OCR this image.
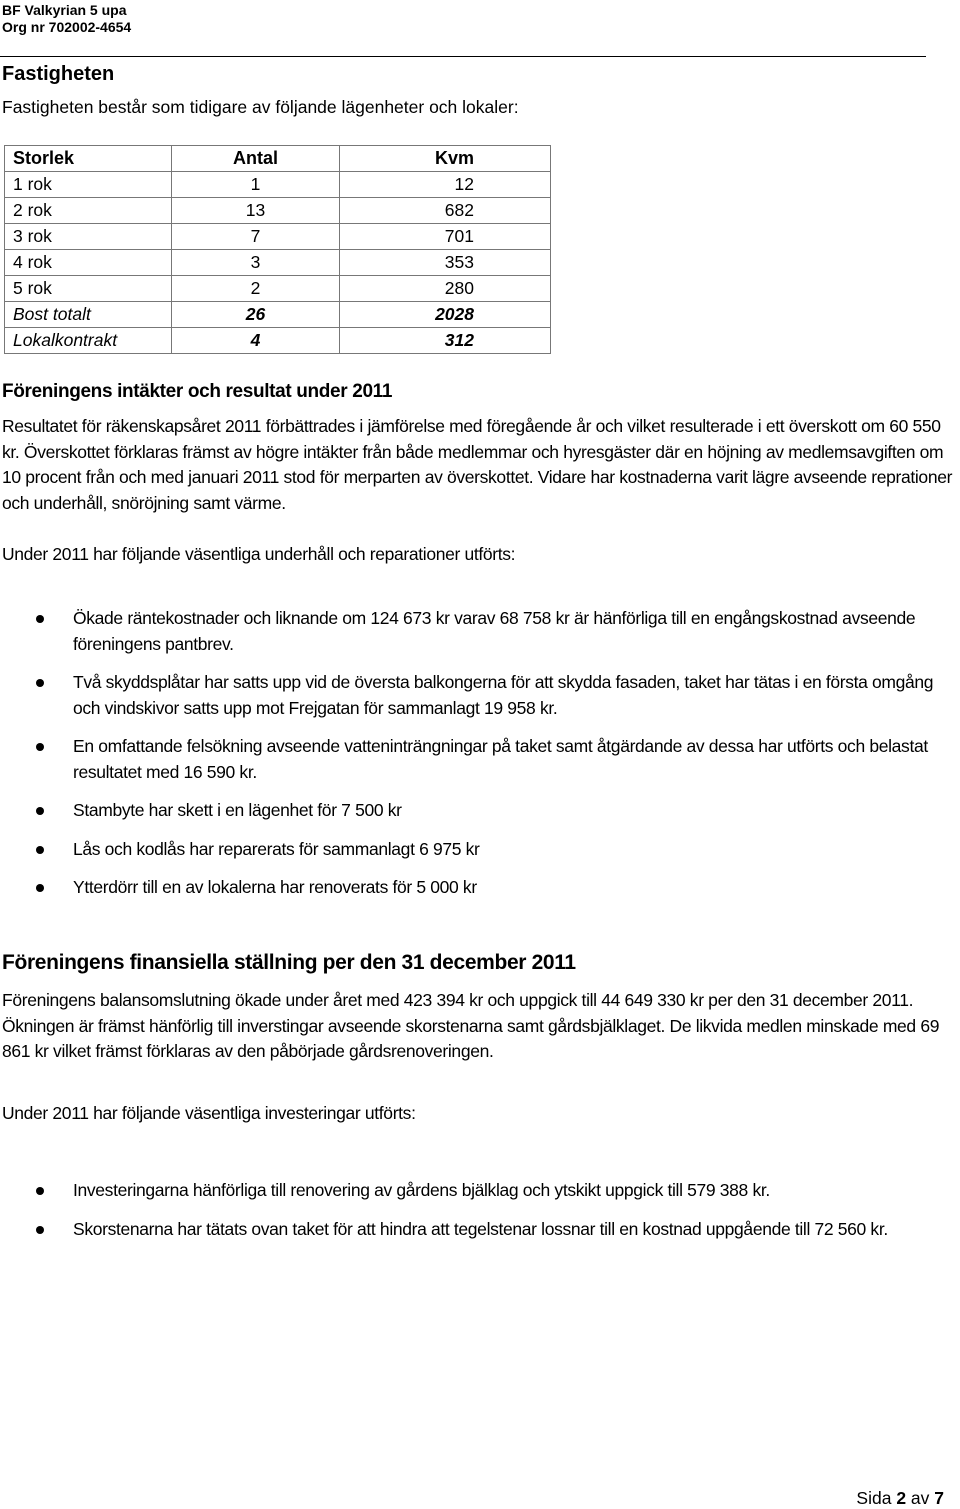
BF Valkyrian 5 upa
Org nr 702002-4654
Fastigheten
Fastigheten består som tidigare av följande lägenheter och lokaler:
Storlek	Antal	Kvm
1 rok	1	12
2 rok	13	682
3 rok	7	701
4 rok	3	353
5 rok	2	280
Bost totalt	26	2028
Lokalkontrakt	4	312
Föreningens intäkter och resultat under 2011
Resultatet för räkenskapsåret 2011 förbättrades i jämförelse med föregående år och vilket resulterade i ett överskott om 60 550 kr. Överskottet förklaras främst av högre intäkter från både medlemmar och hyresgäster där en höjning av medlemsavgiften om 10 procent från och med januari 2011 stod för merparten av överskottet. Vidare har kostnaderna varit lägre avseende reprationer och underhåll, snöröjning samt värme.
Under 2011 har följande väsentliga underhåll och reparationer utförts:
Ökade räntekostnader och liknande om 124 673 kr varav 68 758 kr är hänförliga till en engångskostnad avseende föreningens pantbrev.
Två skyddsplåtar har satts upp vid de översta balkongerna för att skydda fasaden, taket har tätas i en första omgång och vindskivor satts upp mot Frejgatan för sammanlagt 19 958 kr.
En omfattande felsökning avseende vatteninträngningar på taket samt åtgärdande av dessa har utförts och belastat resultatet med 16 590 kr.
Stambyte har skett i en lägenhet för 7 500 kr
Lås och kodlås har reparerats för sammanlagt 6 975 kr
Ytterdörr till en av lokalerna har renoverats för 5 000 kr
Föreningens finansiella ställning per den 31 december 2011
Föreningens balansomslutning ökade under året med 423 394 kr och uppgick till 44 649 330 kr per den 31 december 2011. Ökningen är främst hänförlig till inverstingar avseende skorstenarna samt gårdsbjälklaget. De likvida medlen minskade med 69 861 kr vilket främst förklaras av den påbörjade gårdsrenoveringen.
Under 2011 har följande väsentliga investeringar utförts:
Investeringarna hänförliga till renovering av gårdens bjälklag och ytskikt uppgick till 579 388 kr.
Skorstenarna har tätats ovan taket för att hindra att tegelstenar lossnar till en kostnad uppgående till 72 560 kr.
Sida 2 av 7
